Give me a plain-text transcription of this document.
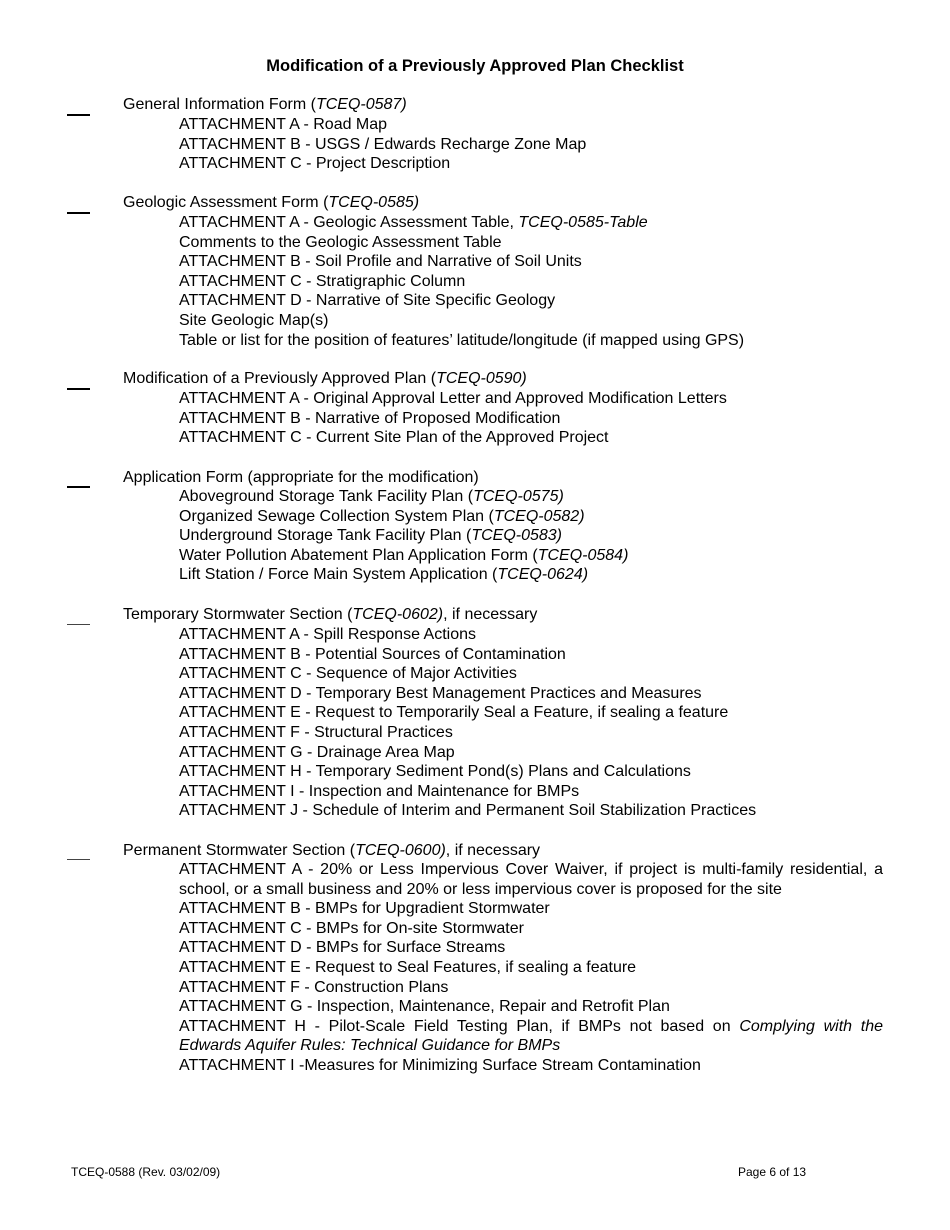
Modification of a Previously Approved Plan Checklist
General Information Form (TCEQ-0587)
ATTACHMENT A - Road Map
ATTACHMENT B - USGS / Edwards Recharge Zone Map
ATTACHMENT C - Project Description
Geologic Assessment Form (TCEQ-0585)
ATTACHMENT A - Geologic Assessment Table, TCEQ-0585-Table
Comments to the Geologic Assessment Table
ATTACHMENT B - Soil Profile and Narrative of Soil Units
ATTACHMENT C - Stratigraphic Column
ATTACHMENT D - Narrative of Site Specific Geology
Site Geologic Map(s)
Table or list for the position of features’ latitude/longitude (if mapped using GPS)
Modification of a Previously Approved Plan (TCEQ-0590)
ATTACHMENT A - Original Approval Letter and Approved Modification Letters
ATTACHMENT B - Narrative of Proposed Modification
ATTACHMENT C - Current Site Plan of the Approved Project
Application Form (appropriate for the modification)
Aboveground Storage Tank Facility Plan (TCEQ-0575)
Organized Sewage Collection System Plan (TCEQ-0582)
Underground Storage Tank Facility Plan (TCEQ-0583)
Water Pollution Abatement Plan Application Form (TCEQ-0584)
Lift Station / Force Main System Application (TCEQ-0624)
Temporary Stormwater Section (TCEQ-0602), if necessary
ATTACHMENT A - Spill Response Actions
ATTACHMENT B - Potential Sources of Contamination
ATTACHMENT C - Sequence of Major Activities
ATTACHMENT D - Temporary Best Management Practices and Measures
ATTACHMENT E - Request to Temporarily Seal a Feature, if sealing a feature
ATTACHMENT F - Structural Practices
ATTACHMENT G - Drainage Area Map
ATTACHMENT H - Temporary Sediment Pond(s) Plans and Calculations
ATTACHMENT I - Inspection and Maintenance for BMPs
ATTACHMENT J - Schedule of Interim and Permanent Soil Stabilization Practices
Permanent Stormwater Section (TCEQ-0600), if necessary
ATTACHMENT A - 20% or Less Impervious Cover Waiver, if project is multi-family residential, a school, or a small business and 20% or less impervious cover is proposed for the site
ATTACHMENT B - BMPs for Upgradient Stormwater
ATTACHMENT C - BMPs for On-site Stormwater
ATTACHMENT D - BMPs for Surface Streams
ATTACHMENT E - Request to Seal Features, if sealing a feature
ATTACHMENT F - Construction Plans
ATTACHMENT G - Inspection, Maintenance, Repair and Retrofit Plan
ATTACHMENT H - Pilot-Scale Field Testing Plan, if BMPs not based on Complying with the Edwards Aquifer Rules: Technical Guidance for BMPs
ATTACHMENT I -Measures for Minimizing Surface Stream Contamination
TCEQ-0588 (Rev. 03/02/09)	Page 6 of 13
